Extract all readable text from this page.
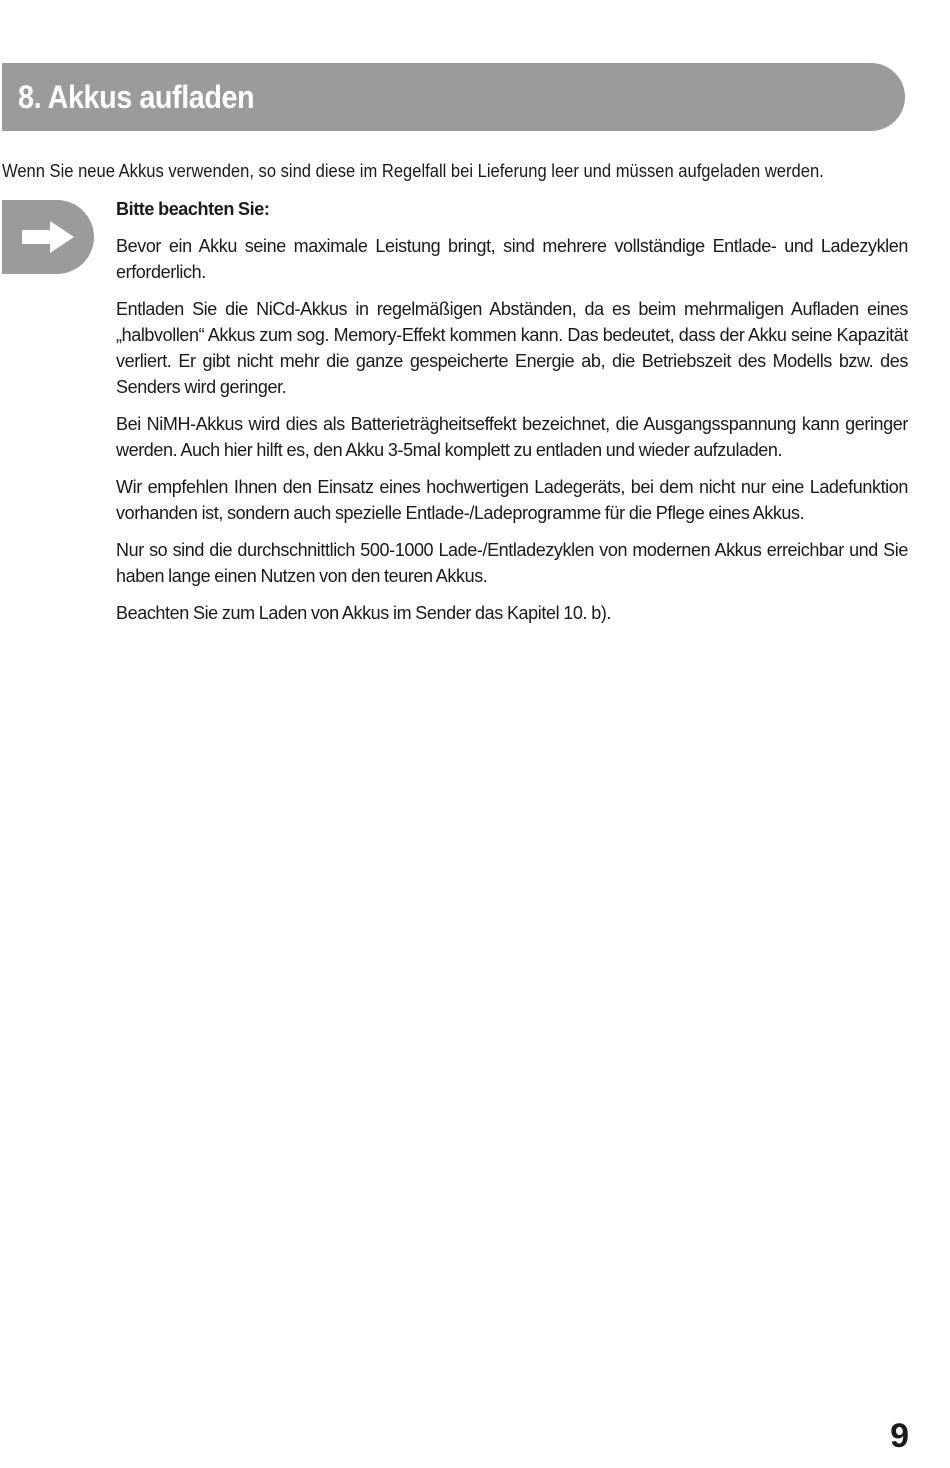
8. Akkus aufladen

Wenn Sie neue Akkus verwenden, so sind diese im Regelfall bei Lieferung leer und müssen aufgeladen werden.

Bitte beachten Sie:

Bevor ein Akku seine maximale Leistung bringt, sind mehrere vollständige Entlade- und Ladezyklen erforderlich.

Entladen Sie die NiCd-Akkus in regelmäßigen Abständen, da es beim mehrmaligen Aufladen eines „halbvollen“ Akkus zum sog. Memory-Effekt kommen kann. Das bedeutet, dass der Akku seine Kapazität verliert. Er gibt nicht mehr die ganze gespeicherte Energie ab, die Betriebszeit des Modells bzw. des Senders wird geringer.

Bei NiMH-Akkus wird dies als Batterieträgheitseffekt bezeichnet, die Ausgangsspannung kann geringer werden. Auch hier hilft es, den Akku 3-5mal komplett zu entladen und wieder aufzuladen.

Wir empfehlen Ihnen den Einsatz eines hochwertigen Ladegeräts, bei dem nicht nur eine Ladefunktion vorhanden ist, sondern auch spezielle Entlade-/Ladeprogramme für die Pflege eines Akkus.

Nur so sind die durchschnittlich 500-1000 Lade-/Entladezyklen von modernen Akkus erreichbar und Sie haben lange einen Nutzen von den teuren Akkus.

Beachten Sie zum Laden von Akkus im Sender das Kapitel 10. b).

9
